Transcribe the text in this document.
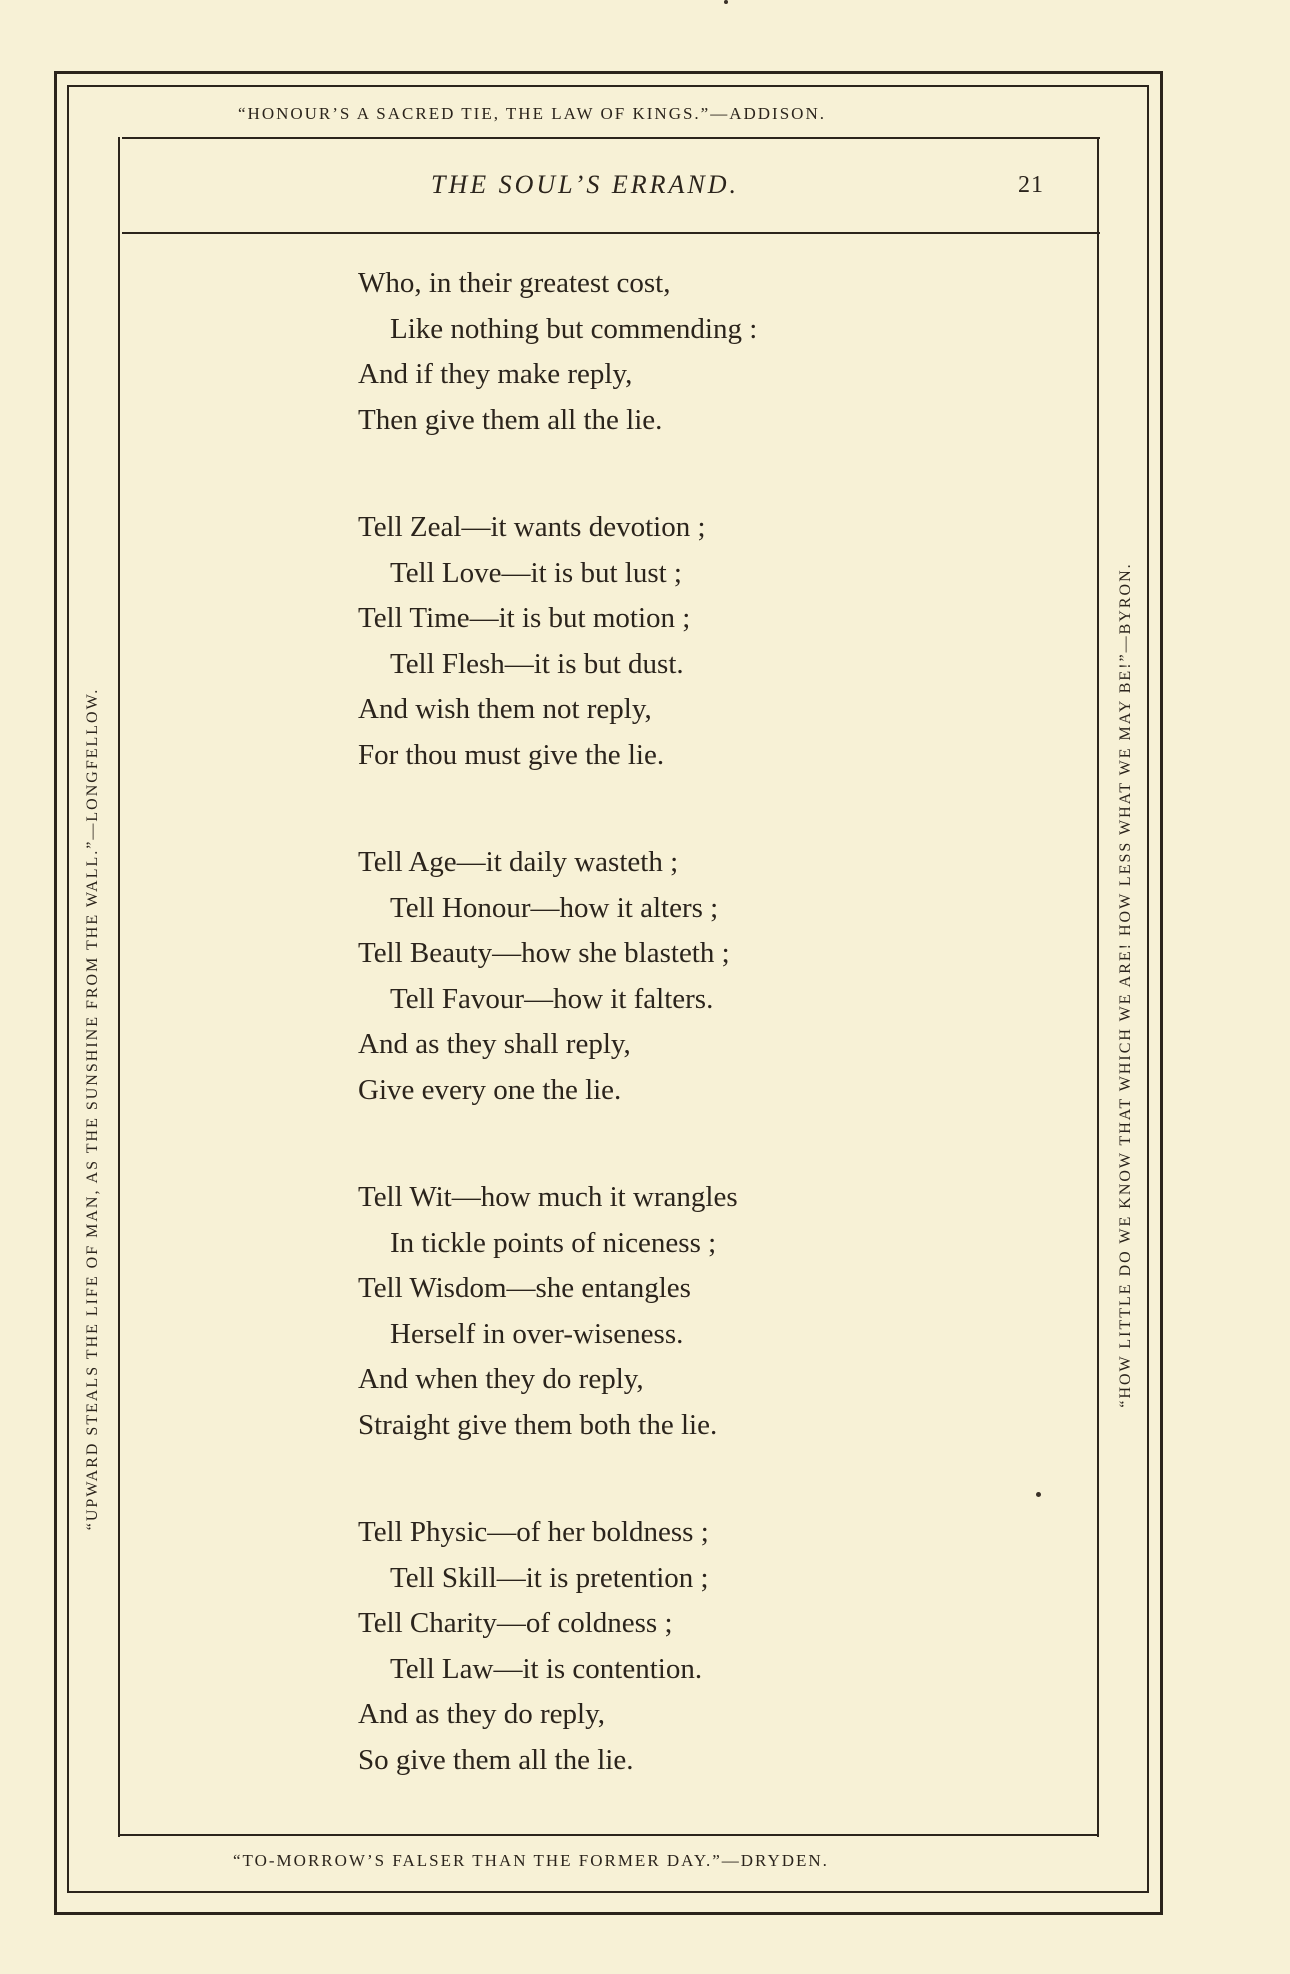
“HONOUR’S A SACRED TIE, THE LAW OF KINGS.”—ADDISON.
“TO-MORROW’S FALSER THAN THE FORMER DAY.”—DRYDEN.
“UPWARD STEALS THE LIFE OF MAN, AS THE SUNSHINE FROM THE WALL.”—LONGFELLOW.	“HOW LITTLE DO WE KNOW THAT WHICH WE ARE! HOW LESS WHAT WE MAY BE!”—BYRON.
THE SOUL’S ERRAND.	21
Who, in their greatest cost,
Like nothing but commending :
And if they make reply,
Then give them all the lie.
Tell Zeal—it wants devotion ;
Tell Love—it is but lust ;
Tell Time—it is but motion ;
Tell Flesh—it is but dust.
And wish them not reply,
For thou must give the lie.
Tell Age—it daily wasteth ;
Tell Honour—how it alters ;
Tell Beauty—how she blasteth ;
Tell Favour—how it falters.
And as they shall reply,
Give every one the lie.
Tell Wit—how much it wrangles
In tickle points of niceness ;
Tell Wisdom—she entangles
Herself in over-wiseness.
And when they do reply,
Straight give them both the lie.
Tell Physic—of her boldness ;
Tell Skill—it is pretention ;
Tell Charity—of coldness ;
Tell Law—it is contention.
And as they do reply,
So give them all the lie.
